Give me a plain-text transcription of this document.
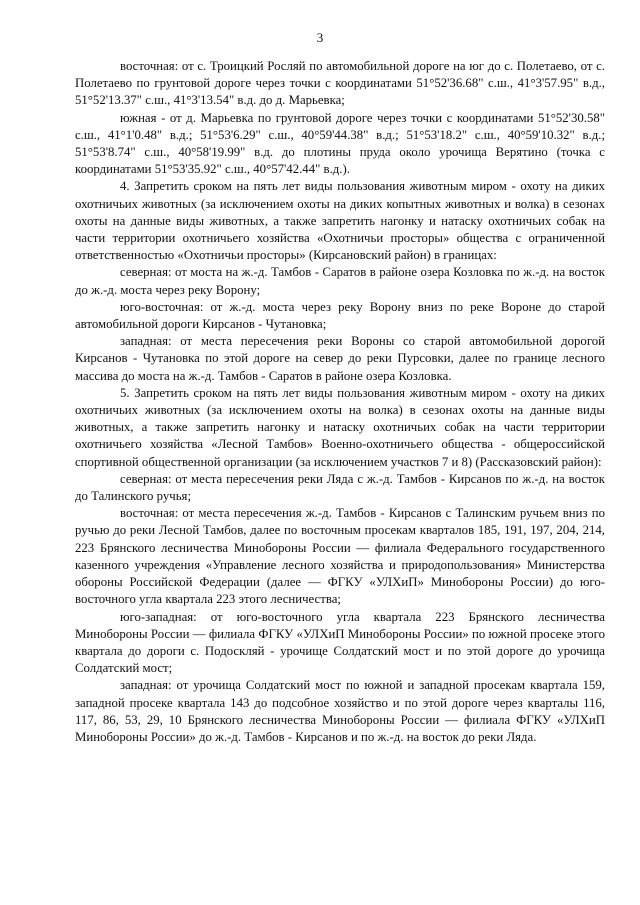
3

восточная: от с. Троицкий Росляй по автомобильной дороге на юг до с. Полетаево, от с. Полетаево по грунтовой дороге через точки с координатами 51°52'36.68" с.ш., 41°3'57.95" в.д., 51°52'13.37" с.ш., 41°3'13.54" в.д. до д. Марьевка;

южная - от д. Марьевка по грунтовой дороге через точки с координатами 51°52'30.58" с.ш., 41°1'0.48" в.д.; 51°53'6.29" с.ш., 40°59'44.38" в.д.; 51°53'18.2" с.ш., 40°59'10.32" в.д.; 51°53'8.74" с.ш., 40°58'19.99" в.д. до плотины пруда около урочища Верятино (точка с координатами 51°53'35.92" с.ш., 40°57'42.44" в.д.).

4. Запретить сроком на пять лет виды пользования животным миром - охоту на диких охотничьих животных (за исключением охоты на диких копытных животных и волка) в сезонах охоты на данные виды животных, а также запретить нагонку и натаску охотничьих собак на части территории охотничьего хозяйства «Охотничьи просторы» общества с ограниченной ответственностью «Охотничьи просторы» (Кирсановский район) в границах:

северная: от моста на ж.-д. Тамбов - Саратов в районе озера Козловка по ж.-д. на восток до ж.-д. моста через реку Ворону;

юго-восточная: от ж.-д. моста через реку Ворону вниз по реке Вороне до старой автомобильной дороги Кирсанов - Чутановка;

западная: от места пересечения реки Вороны со старой автомобильной дорогой Кирсанов - Чутановка по этой дороге на север до реки Пурсовки, далее по границе лесного массива до моста на ж.-д. Тамбов - Саратов в районе озера Козловка.

5. Запретить сроком на пять лет виды пользования животным миром - охоту на диких охотничьих животных (за исключением охоты на волка) в сезонах охоты на данные виды животных, а также запретить нагонку и натаску охотничьих собак на части территории охотничьего хозяйства «Лесной Тамбов» Военно-охотничьего общества - общероссийской спортивной общественной организации (за исключением участков 7 и 8) (Рассказовский район):

северная: от места пересечения реки Ляда с ж.-д. Тамбов - Кирсанов по ж.-д. на восток до Талинского ручья;

восточная: от места пересечения ж.-д. Тамбов - Кирсанов с Талинским ручьем вниз по ручью до реки Лесной Тамбов, далее по восточным просекам кварталов 185, 191, 197, 204, 214, 223 Брянского лесничества Минобороны России — филиала Федерального государственного казенного учреждения «Управление лесного хозяйства и природопользования» Министерства обороны Российской Федерации (далее — ФГКУ «УЛХиП» Минобороны России) до юго-восточного угла квартала 223 этого лесничества;

юго-западная: от юго-восточного угла квартала 223 Брянского лесничества Минобороны России — филиала ФГКУ «УЛХиП Минобороны России» по южной просеке этого квартала до дороги с. Подоскляй - урочище Солдатский мост и по этой дороге до урочища Солдатский мост;

западная: от урочища Солдатский мост по южной и западной просекам квартала 159, западной просеке квартала 143 до подсобное хозяйство и по этой дороге через кварталы 116, 117, 86, 53, 29, 10 Брянского лесничества Минобороны России — филиала ФГКУ «УЛХиП Минобороны России» до ж.-д. Тамбов - Кирсанов и по ж.-д. на восток до реки Ляда.
